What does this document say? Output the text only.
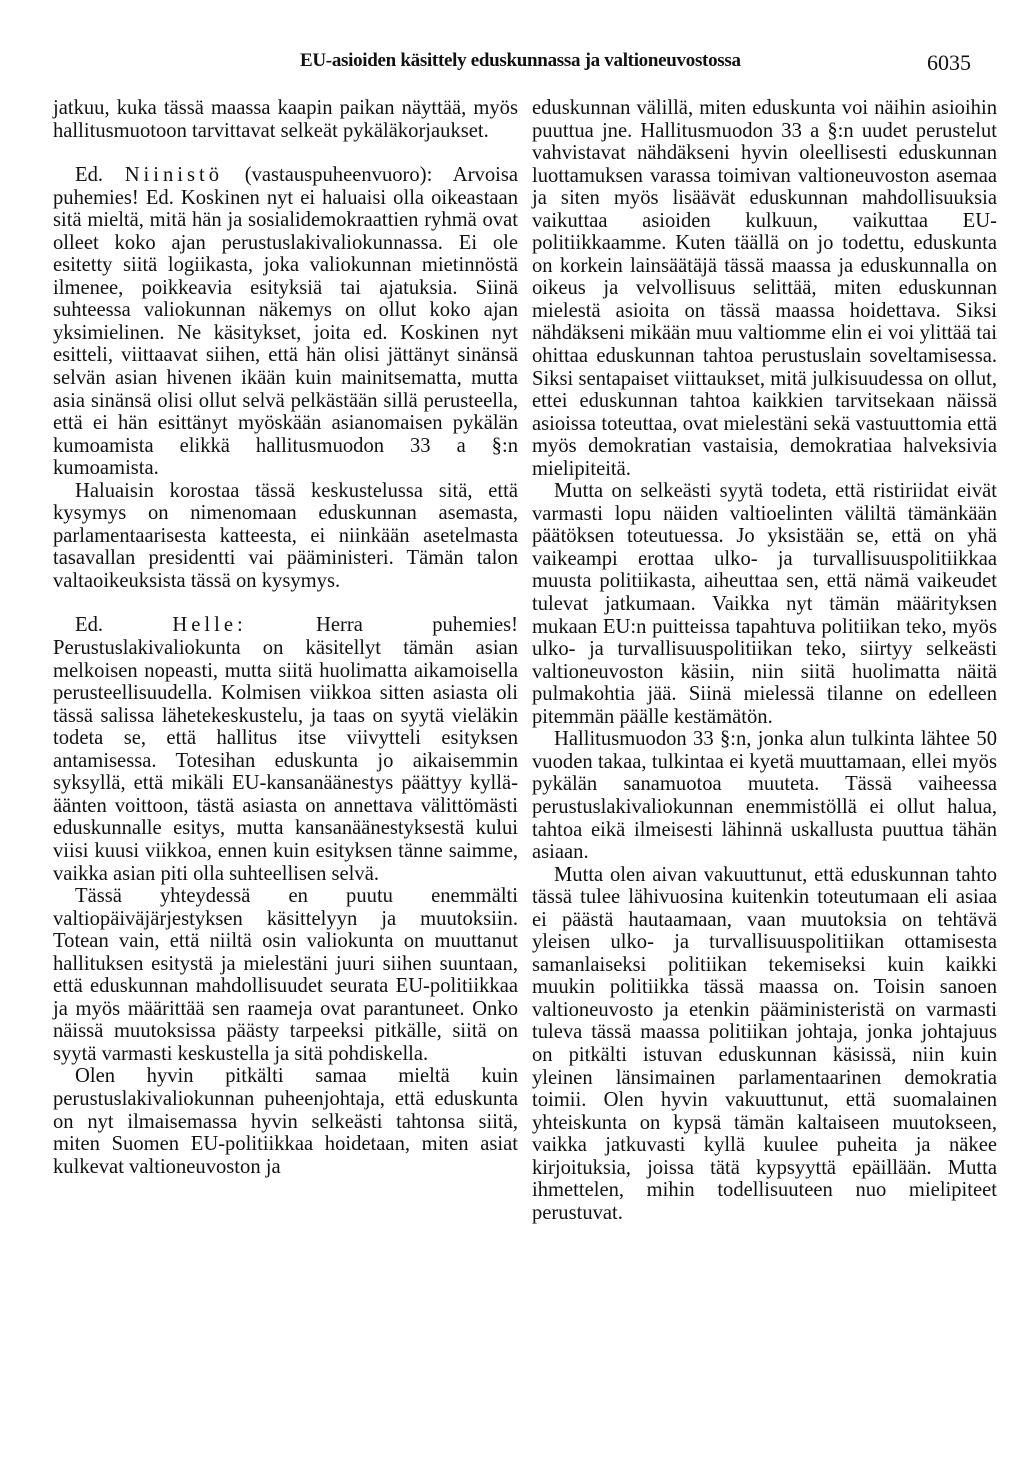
EU-asioiden käsittely eduskunnassa ja valtioneuvostossa	6035

jatkuu, kuka tässä maassa kaapin paikan näyttää, myös hallitusmuotoon tarvittavat selkeät pykäläkorjaukset.

Ed. Niinistö (vastauspuheenvuoro): Arvoisa puhemies! Ed. Koskinen nyt ei haluaisi olla oikeastaan sitä mieltä, mitä hän ja sosialidemokraattien ryhmä ovat olleet koko ajan perustuslakivaliokunnassa. Ei ole esitetty siitä logiikasta, joka valiokunnan mietinnöstä ilmenee, poikkeavia esityksiä tai ajatuksia. Siinä suhteessa valiokunnan näkemys on ollut koko ajan yksimielinen. Ne käsitykset, joita ed. Koskinen nyt esitteli, viittaavat siihen, että hän olisi jättänyt sinänsä selvän asian hivenen ikään kuin mainitsematta, mutta asia sinänsä olisi ollut selvä pelkästään sillä perusteella, että ei hän esittänyt myöskään asianomaisen pykälän kumoamista elikkä hallitusmuodon 33 a §:n kumoamista.

Haluaisin korostaa tässä keskustelussa sitä, että kysymys on nimenomaan eduskunnan asemasta, parlamentaarisesta katteesta, ei niinkään asetelmasta tasavallan presidentti vai pääministeri. Tämän talon valtaoikeuksista tässä on kysymys.

Ed.	Helle:	Herra puhemies! Perustuslakivaliokunta on käsitellyt tämän asian melkoisen nopeasti, mutta siitä huolimatta aikamoisella perusteellisuudella. Kolmisen viikkoa sitten asiasta oli tässä salissa lähetekeskustelu, ja taas on syytä vieläkin todeta se, että hallitus itse viivytteli esityksen antamisessa. Totesihan eduskunta jo aikaisemmin syksyllä, että mikäli EU-kansanäänestys päättyy kyllä-äänten voittoon, tästä asiasta on annettava välittömästi eduskunnalle esitys, mutta kansanäänestyksestä kului viisi kuusi viikkoa, ennen kuin esityksen tänne saimme, vaikka asian piti olla suhteellisen selvä.

Tässä yhteydessä en puutu enemmälti valtiopäiväjärjestyksen käsittelyyn ja muutoksiin. Totean vain, että niiltä osin valiokunta on muuttanut hallituksen esitystä ja mielestäni juuri siihen suuntaan, että eduskunnan mahdollisuudet seurata EU-politiikkaa ja myös määrittää sen raameja ovat parantuneet. Onko näissä muutoksissa päästy tarpeeksi pitkälle, siitä on syytä varmasti keskustella ja sitä pohdiskella.

Olen hyvin pitkälti samaa mieltä kuin perustuslakivaliokunnan puheenjohtaja, että eduskunta on nyt ilmaisemassa hyvin selkeästi tahtonsa siitä, miten Suomen EU-politiikkaa hoidetaan, miten asiat kulkevat valtioneuvoston ja

eduskunnan välillä, miten eduskunta voi näihin asioihin puuttua jne. Hallitusmuodon 33 a §:n uudet perustelut vahvistavat nähdäkseni hyvin oleellisesti eduskunnan luottamuksen varassa toimivan valtioneuvoston asemaa ja siten myös lisäävät eduskunnan mahdollisuuksia vaikuttaa asioiden kulkuun, vaikuttaa EU-politiikkaamme. Kuten täällä on jo todettu, eduskunta on korkein lainsäätäjä tässä maassa ja eduskunnalla on oikeus ja velvollisuus selittää, miten eduskunnan mielestä asioita on tässä maassa hoidettava. Siksi nähdäkseni mikään muu valtiomme elin ei voi ylittää tai ohittaa eduskunnan tahtoa perustuslain soveltamisessa. Siksi sentapaiset viittaukset, mitä julkisuudessa on ollut, ettei eduskunnan tahtoa kaikkien tarvitsekaan näissä asioissa toteuttaa, ovat mielestäni sekä vastuuttomia että myös demokratian vastaisia, demokratiaa halveksivia mielipiteitä.

Mutta on selkeästi syytä todeta, että ristiriidat eivät varmasti lopu näiden valtioelinten väliltä tämänkään päätöksen toteutuessa. Jo yksistään se, että on yhä vaikeampi erottaa ulko- ja turvallisuuspolitiikkaa muusta politiikasta, aiheuttaa sen, että nämä vaikeudet tulevat jatkumaan. Vaikka nyt tämän määrityksen mukaan EU:n puitteissa tapahtuva politiikan teko, myös ulko- ja turvallisuuspolitiikan teko, siirtyy selkeästi valtioneuvoston käsiin, niin siitä huolimatta näitä pulmakohtia jää. Siinä mielessä tilanne on edelleen pitemmän päälle kestämätön.

Hallitusmuodon 33 §:n, jonka alun tulkinta lähtee 50 vuoden takaa, tulkintaa ei kyetä muuttamaan, ellei myös pykälän sanamuotoa muuteta. Tässä vaiheessa perustuslakivaliokunnan enemmistöllä ei ollut halua, tahtoa eikä ilmeisesti lähinnä uskallusta puuttua tähän asiaan.

Mutta olen aivan vakuuttunut, että eduskunnan tahto tässä tulee lähivuosina kuitenkin toteutumaan eli asiaa ei päästä hautaamaan, vaan muutoksia on tehtävä yleisen ulko- ja turvallisuuspolitiikan ottamisesta samanlaiseksi politiikan tekemiseksi kuin kaikki muukin politiikka tässä maassa on. Toisin sanoen valtioneuvosto ja etenkin pääministeristä on varmasti tuleva tässä maassa politiikan johtaja, jonka johtajuus on pitkälti istuvan eduskunnan käsissä, niin kuin yleinen länsimainen parlamentaarinen demokratia toimii. Olen hyvin vakuuttunut, että suomalainen yhteiskunta on kypsä tämän kaltaiseen muutokseen, vaikka jatkuvasti kyllä kuulee puheita ja näkee kirjoituksia, joissa tätä kypsyyttä epäillään. Mutta ihmettelen, mihin todellisuuteen nuo mielipiteet perustuvat.
